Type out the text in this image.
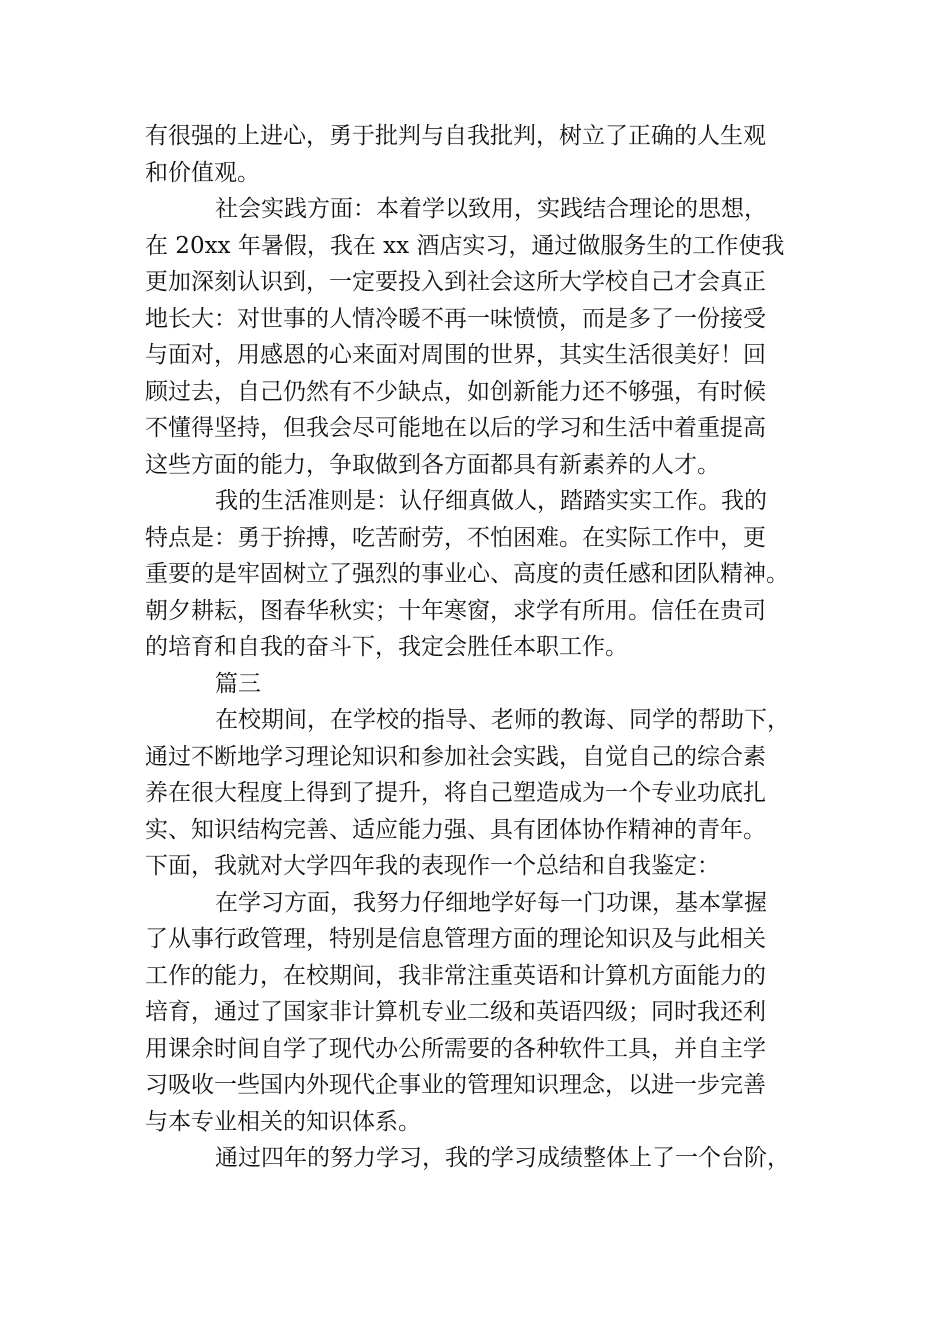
有很强的上进心，勇于批判与自我批判，树立了正确的人生观
和价值观。
社会实践方面：本着学以致用，实践结合理论的思想，
在 20xx 年暑假，我在 xx 酒店实习，通过做服务生的工作使我
更加深刻认识到，一定要投入到社会这所大学校自己才会真正
地长大：对世事的人情冷暖不再一味愤愤，而是多了一份接受
与面对，用感恩的心来面对周围的世界，其实生活很美好！回
顾过去，自己仍然有不少缺点，如创新能力还不够强，有时候
不懂得坚持，但我会尽可能地在以后的学习和生活中着重提高
这些方面的能力，争取做到各方面都具有新素养的人才。
我的生活准则是：认仔细真做人，踏踏实实工作。我的
特点是：勇于拚搏，吃苦耐劳，不怕困难。在实际工作中，更
重要的是牢固树立了强烈的事业心、高度的责任感和团队精神。
朝夕耕耘，图春华秋实；十年寒窗，求学有所用。信任在贵司
的培育和自我的奋斗下，我定会胜任本职工作。
篇三
在校期间，在学校的指导、老师的教诲、同学的帮助下，
通过不断地学习理论知识和参加社会实践，自觉自己的综合素
养在很大程度上得到了提升，将自己塑造成为一个专业功底扎
实、知识结构完善、适应能力强、具有团体协作精神的青年。
下面，我就对大学四年我的表现作一个总结和自我鉴定：
在学习方面，我努力仔细地学好每一门功课，基本掌握
了从事行政管理，特别是信息管理方面的理论知识及与此相关
工作的能力，在校期间，我非常注重英语和计算机方面能力的
培育，通过了国家非计算机专业二级和英语四级；同时我还利
用课余时间自学了现代办公所需要的各种软件工具，并自主学
习吸收一些国内外现代企事业的管理知识理念，以进一步完善
与本专业相关的知识体系。
通过四年的努力学习，我的学习成绩整体上了一个台阶，
